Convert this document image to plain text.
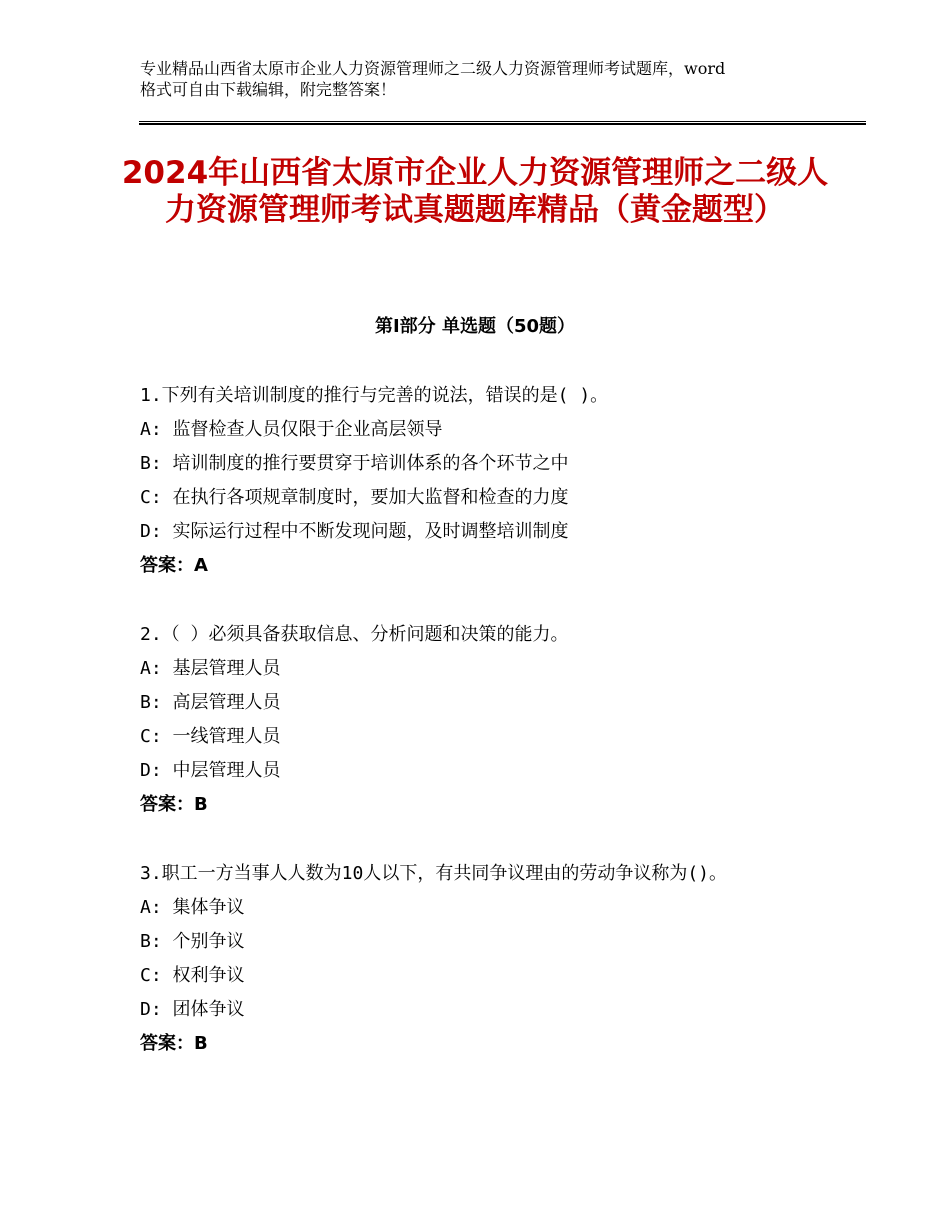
专业精品山西省太原市企业人力资源管理师之二级人力资源管理师考试题库，word
格式可自由下载编辑，附完整答案！
2024年山西省太原市企业人力资源管理师之二级人力资源管理师考试真题题库精品（黄金题型）
第Ⅰ部分 单选题（50题）
1.下列有关培训制度的推行与完善的说法，错误的是( )。
A: 监督检查人员仅限于企业高层领导
B: 培训制度的推行要贯穿于培训体系的各个环节之中
C: 在执行各项规章制度时，要加大监督和检查的力度
D: 实际运行过程中不断发现问题，及时调整培训制度
答案：A
2.（ ）必须具备获取信息、分析问题和决策的能力。
A: 基层管理人员
B: 高层管理人员
C: 一线管理人员
D: 中层管理人员
答案：B
3.职工一方当事人人数为10人以下，有共同争议理由的劳动争议称为()。
A: 集体争议
B: 个别争议
C: 权利争议
D: 团体争议
答案：B
